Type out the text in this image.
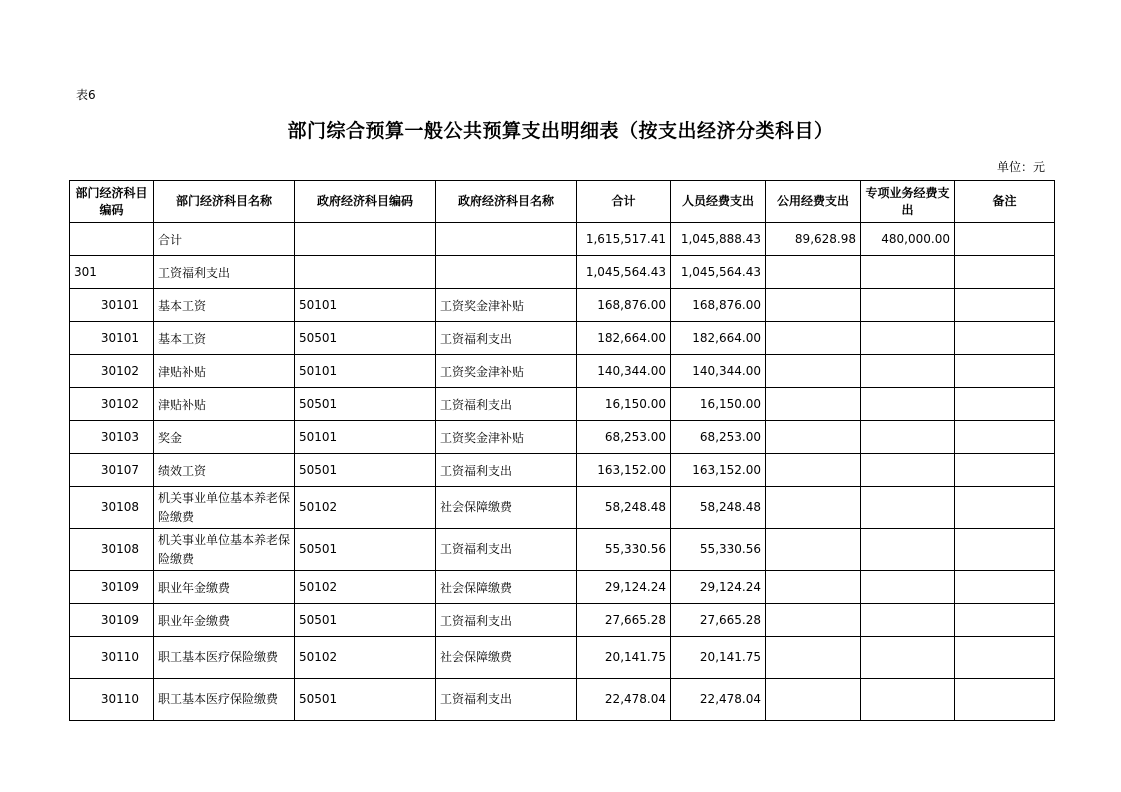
表6
部门综合预算一般公共预算支出明细表（按支出经济分类科目）
单位：元
部门经济科目编码	部门经济科目名称	政府经济科目编码	政府经济科目名称	合计	人员经费支出	公用经费支出	专项业务经费支出	备注
	合计			1,615,517.41	1,045,888.43	89,628.98	480,000.00	
301	工资福利支出			1,045,564.43	1,045,564.43			
30101	基本工资	50101	工资奖金津补贴	168,876.00	168,876.00			
30101	基本工资	50501	工资福利支出	182,664.00	182,664.00			
30102	津贴补贴	50101	工资奖金津补贴	140,344.00	140,344.00			
30102	津贴补贴	50501	工资福利支出	16,150.00	16,150.00			
30103	奖金	50101	工资奖金津补贴	68,253.00	68,253.00			
30107	绩效工资	50501	工资福利支出	163,152.00	163,152.00			
30108	机关事业单位基本养老保险缴费	50102	社会保障缴费	58,248.48	58,248.48			
30108	机关事业单位基本养老保险缴费	50501	工资福利支出	55,330.56	55,330.56			
30109	职业年金缴费	50102	社会保障缴费	29,124.24	29,124.24			
30109	职业年金缴费	50501	工资福利支出	27,665.28	27,665.28			
30110	职工基本医疗保险缴费	50102	社会保障缴费	20,141.75	20,141.75			
30110	职工基本医疗保险缴费	50501	工资福利支出	22,478.04	22,478.04			
